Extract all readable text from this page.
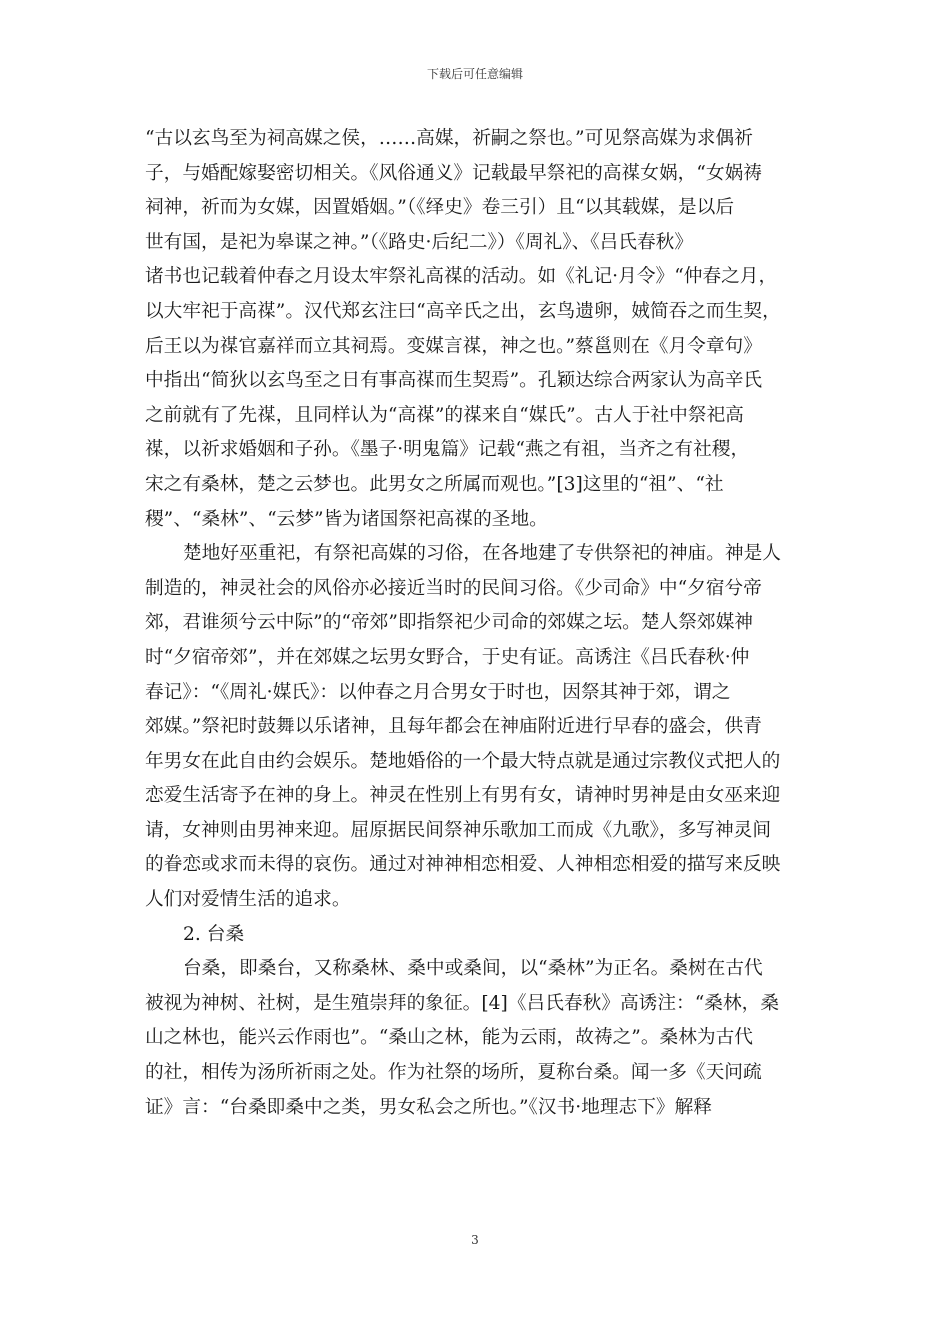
下载后可任意编辑
“古以玄鸟至为祠高媒之侯，……高媒，祈嗣之祭也。”可见祭高媒为求偶祈
子，与婚配嫁娶密切相关。《风俗通义》记载最早祭祀的高禖女娲，“女娲祷
祠神，祈而为女媒，因置婚姻。”（《绎史》卷三引）且“以其载媒，是以后
世有国，是祀为皋谋之神。”（《路史·后纪二》）《周礼》、《吕氏春秋》
诸书也记载着仲春之月设太牢祭礼高禖的活动。如《礼记·月令》“仲春之月，
以大牢祀于高禖”。汉代郑玄注曰“高辛氏之出，玄鸟遗卵，娀简吞之而生契，
后王以为禖官嘉祥而立其祠焉。变媒言禖，神之也。”蔡邕则在《月令章句》
中指出“简狄以玄鸟至之日有事高禖而生契焉”。孔颖达综合两家认为高辛氏
之前就有了先禖，且同样认为“高禖”的禖来自“媒氏”。古人于社中祭祀高
禖，以祈求婚姻和子孙。《墨子·明鬼篇》记载“燕之有祖，当齐之有社稷，
宋之有桑林，楚之云梦也。此男女之所属而观也。”[3]这里的“祖”、“社
稷”、“桑林”、“云梦”皆为诸国祭祀高禖的圣地。
楚地好巫重祀，有祭祀高媒的习俗，在各地建了专供祭祀的神庙。神是人
制造的，神灵社会的风俗亦必接近当时的民间习俗。《少司命》中“夕宿兮帝
郊，君谁须兮云中际”的“帝郊”即指祭祀少司命的郊媒之坛。楚人祭郊媒神
时“夕宿帝郊”，并在郊媒之坛男女野合，于史有证。高诱注《吕氏春秋·仲
春记》：“《周礼·媒氏》：以仲春之月合男女于时也，因祭其神于郊，谓之
郊媒。”祭祀时鼓舞以乐诸神，且每年都会在神庙附近进行早春的盛会，供青
年男女在此自由约会娱乐。楚地婚俗的一个最大特点就是通过宗教仪式把人的
恋爱生活寄予在神的身上。神灵在性别上有男有女，请神时男神是由女巫来迎
请，女神则由男神来迎。屈原据民间祭神乐歌加工而成《九歌》，多写神灵间
的眷恋或求而未得的哀伤。通过对神神相恋相爱、人神相恋相爱的描写来反映
人们对爱情生活的追求。
2. 台桑
台桑，即桑台，又称桑林、桑中或桑间，以“桑林”为正名。桑树在古代
被视为神树、社树，是生殖崇拜的象征。[4]《吕氏春秋》高诱注：“桑林，桑
山之林也，能兴云作雨也”。“桑山之林，能为云雨，故祷之”。桑林为古代
的社，相传为汤所祈雨之处。作为社祭的场所，夏称台桑。闻一多《天问疏
证》言：“台桑即桑中之类，男女私会之所也。”《汉书·地理志下》解释
3
